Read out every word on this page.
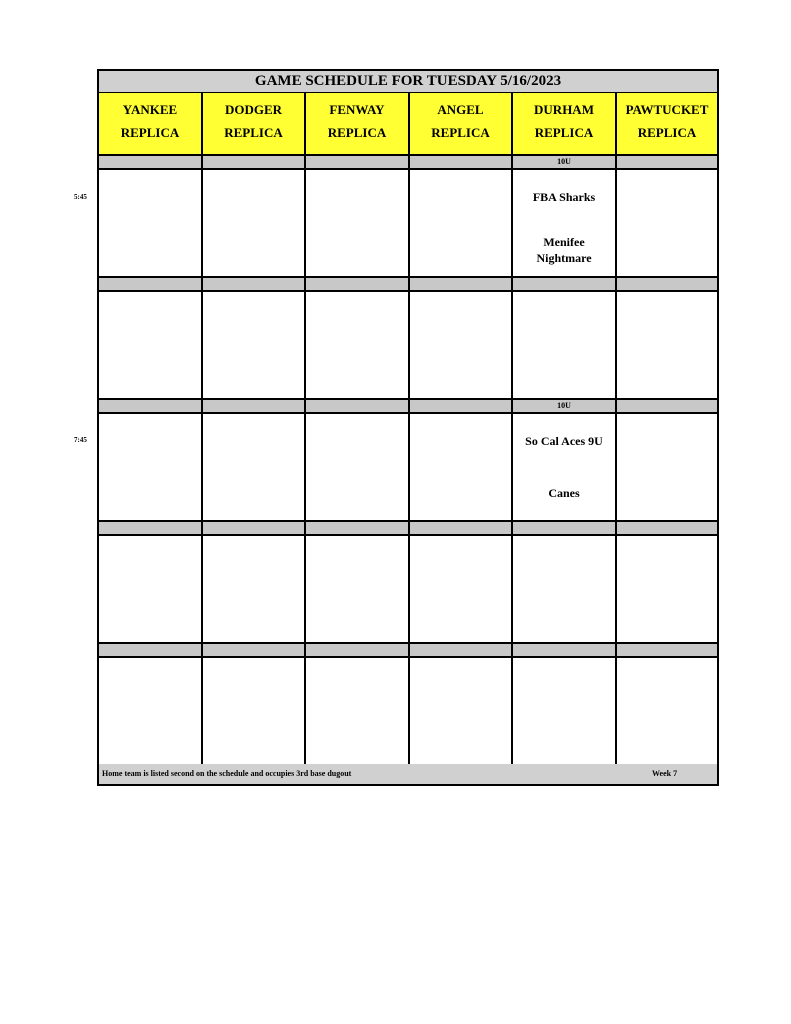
5:45
7:45
GAME SCHEDULE FOR TUESDAY 5/16/2023
YANKEE
REPLICA
DODGER
REPLICA
FENWAY
REPLICA
ANGEL
REPLICA
DURHAM
REPLICA
PAWTUCKET
REPLICA
10U
FBA Sharks
Menifee
Nightmare
10U
So Cal Aces 9U
Canes
Home team is listed second on the schedule and occupies 3rd base dugout	Week 7
